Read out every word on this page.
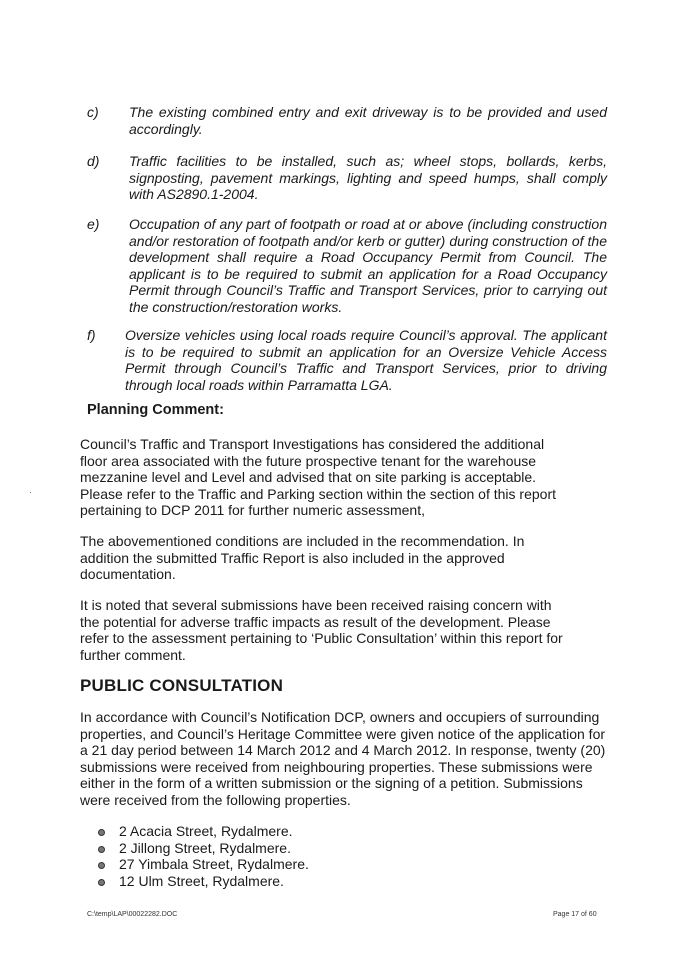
c) The existing combined entry and exit driveway is to be provided and used accordingly.

d) Traffic facilities to be installed, such as; wheel stops, bollards, kerbs, signposting, pavement markings, lighting and speed humps, shall comply with AS2890.1-2004.

e) Occupation of any part of footpath or road at or above (including construction and/or restoration of footpath and/or kerb or gutter) during construction of the development shall require a Road Occupancy Permit from Council. The applicant is to be required to submit an application for a Road Occupancy Permit through Council’s Traffic and Transport Services, prior to carrying out the construction/restoration works.

f) Oversize vehicles using local roads require Council’s approval. The applicant is to be required to submit an application for an Oversize Vehicle Access Permit through Council’s Traffic and Transport Services, prior to driving through local roads within Parramatta LGA.

Planning Comment:

Council’s Traffic and Transport Investigations has considered the additional floor area associated with the future prospective tenant for the warehouse mezzanine level and Level and advised that on site parking is acceptable. Please refer to the Traffic and Parking section within the section of this report pertaining to DCP 2011 for further numeric assessment,

The abovementioned conditions are included in the recommendation. In addition the submitted Traffic Report is also included in the approved documentation.

It is noted that several submissions have been received raising concern with the potential for adverse traffic impacts as result of the development. Please refer to the assessment pertaining to ‘Public Consultation’ within this report for further comment.

PUBLIC CONSULTATION

In accordance with Council’s Notification DCP, owners and occupiers of surrounding properties, and Council’s Heritage Committee were given notice of the application for a 21 day period between 14 March 2012 and 4 March 2012. In response, twenty (20) submissions were received from neighbouring properties. These submissions were either in the form of a written submission or the signing of a petition. Submissions were received from the following properties.

2 Acacia Street, Rydalmere.
2 Jillong Street, Rydalmere.
27 Yimbala Street, Rydalmere.
12 Ulm Street, Rydalmere.
C:\temp\LAP\00022282.DOC	Page 17 of 60
